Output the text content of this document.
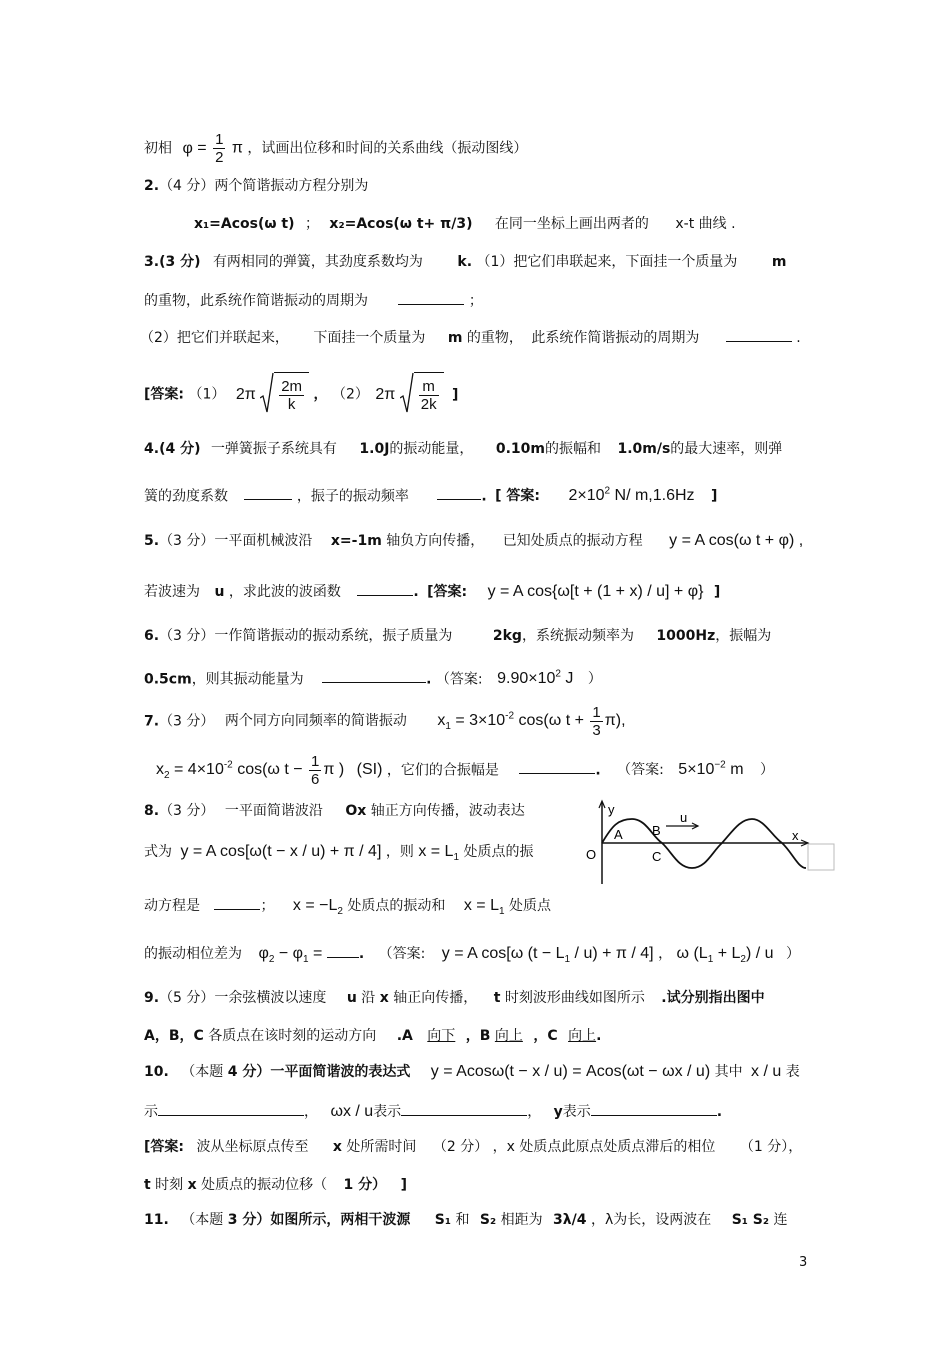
初相 $\varphi = \frac{1}{2}$ π ，试画出位移和时间的关系曲线（振动图线）
2.（4 分）两个简谐振动方程分别为
x₁=Acos(ω t) ； x₂=Acos(ω t+ π/3) 在同一坐标上画出两者的 x-t 曲线 .
3.(3 分) 有两相同的弹簧，其劲度系数均为 k. （1）把它们串联起来，下面挂一个质量为 m
的重物，此系统作简谐振动的周期为	；
（2）把它们并联起来， 下面挂一个质量为 m 的重物， 此系统作简谐振动的周期为	.
[答案: （1） $2\pi \frac{2m}{k}$ ， （2） $2\pi \frac{m}{2k}$ ]
4.(4 分) 一弹簧振子系统具有 1.0J的振动能量， 0.10m的振幅和 1.0m/s的最大速率，则弹
簧的劲度系数	，振子的振动频率	. [ 答案: $2\times 10^2$ N/ m,1.6Hz ]
5.（3 分）一平面机械波沿 x=-1m 轴负方向传播， 已知处质点的振动方程 y = A cos(ω t + φ) ,
若波速为 u ，求此波的波函数	. [答案: y = A cos{ω[t + (1 + x) / u] + φ} ]
6.（3 分）一作简谐振动的振动系统，振子质量为	2kg，系统振动频率为 1000Hz，振幅为
0.5cm，则其振动能量为	. （答案: $9.90\times 10^2$ J ）
7.（3 分） 两个同方向同频率的简谐振动 $x_1 = 3\times 10^{-2}$ cos(ω $t + \frac{1}{3} \pi$),
$x_2 = 4\times 10^{-2}$ cos(ω $t - \frac{1}{6}$ π ) (SI) ，它们的合振幅是	. （答案: $5\times 10^{-2}$ m ）
8.（3 分） 一平面简谐波沿 Ox 轴正方向传播，波动表达
式为 y = A cos[ω(t − x / u) + π / 4] ，则 $x = L_1$ 处质点的振
动方程是	； $x = -L_2$ 处质点的振动和 $x = L_1$ 处质点
的振动相位差为 $\varphi_2 - \varphi_1$ =	. （答案: y = A cos[ω $(t - L_1 / u) + \pi / 4$] ， ω $(L_1 + L_2) / u$ ）
y
u
x
O
A B
C
9.（5 分）一余弦横波以速度 u 沿 x 轴正向传播， t 时刻波形曲线如图所示 .试分别指出图中
A，B，C 各质点在该时刻的运动方向 .A 向下 ，B 向上 ，C 向上.
10. （本题 4 分）一平面简谐波的表达式 y = Acosω(t − x / u) = Acos(ωt − ωx / u) 其中 x / u 表
示	， ωx / u表示	， y表示	.
[答案: 波从坐标原点传至 x 处所需时间 （2 分） ，x 处质点此原点处质点滞后的相位 （1 分），
t 时刻 x 处质点的振动位移（ 1 分） ]
11. （本题 3 分）如图所示，两相干波源 S₁ 和 S₂ 相距为 3λ/4 ，λ为长，设两波在 S₁ S₂ 连
3
